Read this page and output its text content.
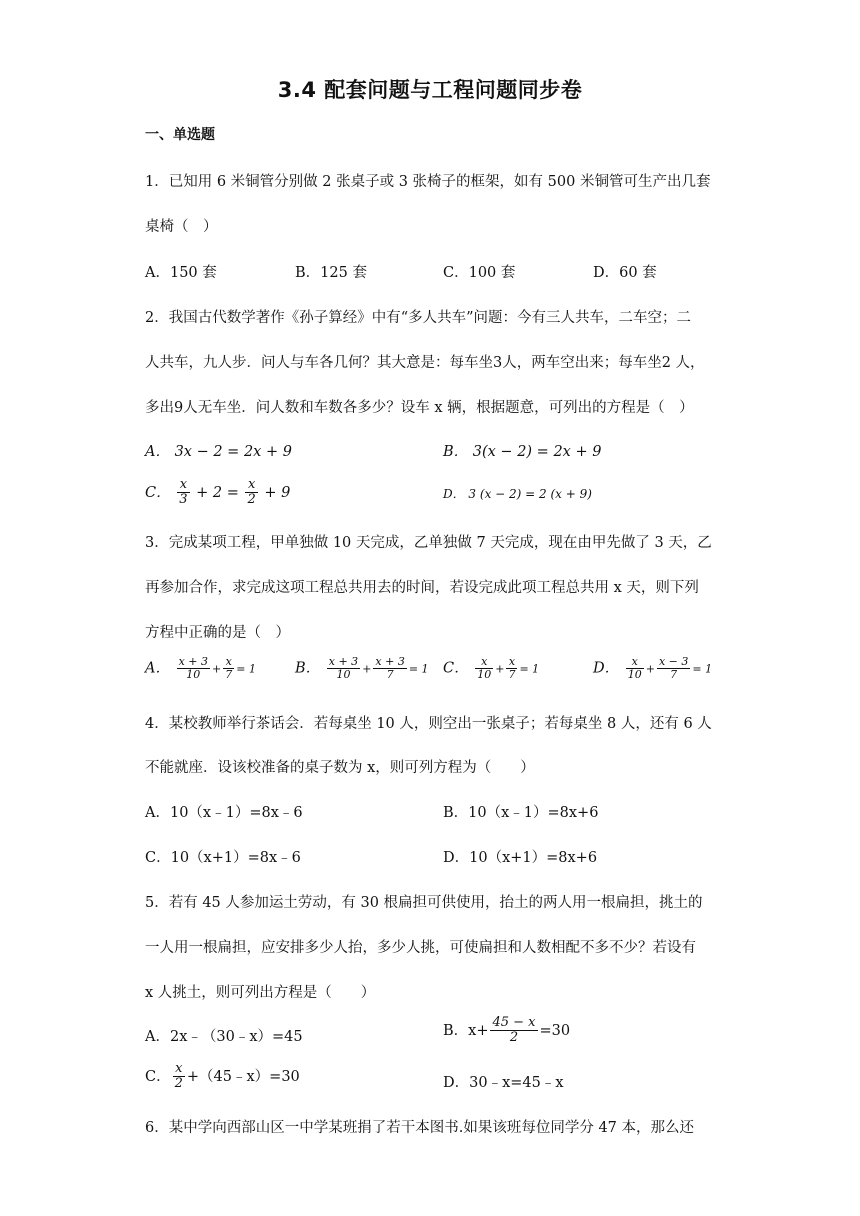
3.4 配套问题与工程问题同步卷
一、单选题
1．已知用 6 米铜管分别做 2 张桌子或 3 张椅子的框架，如有 500 米铜管可生产出几套
桌椅（　）
A．150 套	B．125 套	C．100 套	D．60 套
2．我国古代数学著作《孙子算经》中有“多人共车”问题：今有三人共车，二车空；二
人共车，九人步．问人与车各几何？其大意是：每车坐3人，两车空出来；每车坐2 人，
多出9人无车坐．问人数和车数各多少？设车 x 辆，根据题意，可列出的方程是（　）
A． 3x − 2 = 2x + 9	B． 3(x − 2) = 2x + 9
C． $\frac{x}{3} + 2 = \frac{x}{2} + 9$	D． 3 (x − 2) = 2 (x + 9)
3．完成某项工程，甲单独做 10 天完成，乙单独做 7 天完成，现在由甲先做了 3 天，乙
再参加合作，求完成这项工程总共用去的时间，若设完成此项工程总共用 x 天，则下列
方程中正确的是（　）
A． $\frac{x + 3}{10} + \frac{x}{7} = 1$	B． $\frac{x + 3}{10} + \frac{x + 3}{7} = 1$ C． $\frac{x}{10} + \frac{x}{7} = 1$	D． $\frac{x}{10} + \frac{x - 3}{7} = 1$
4．某校教师举行茶话会．若每桌坐 10 人，则空出一张桌子；若每桌坐 8 人，还有 6 人
不能就座．设该校准备的桌子数为 x，则可列方程为（　　）
A．10（x﹣1）=8x﹣6	B．10（x﹣1）=8x+6
C．10（x+1）=8x﹣6	D．10（x+1）=8x+6
5．若有 45 人参加运土劳动，有 30 根扁担可供使用，抬土的两人用一根扁担，挑土的
一人用一根扁担，应安排多少人抬，多少人挑，可使扁担和人数相配不多不少？若设有
x 人挑土，则可列出方程是（　　）
A．2x﹣（30﹣x）=45	B．$x+ \frac{45 - x}{2} =30$
C． $\frac{x}{2}$ +（45﹣x）=30	D．30﹣x=45﹣x
6．某中学向西部山区一中学某班捐了若干本图书.如果该班每位同学分 47 本，那么还
